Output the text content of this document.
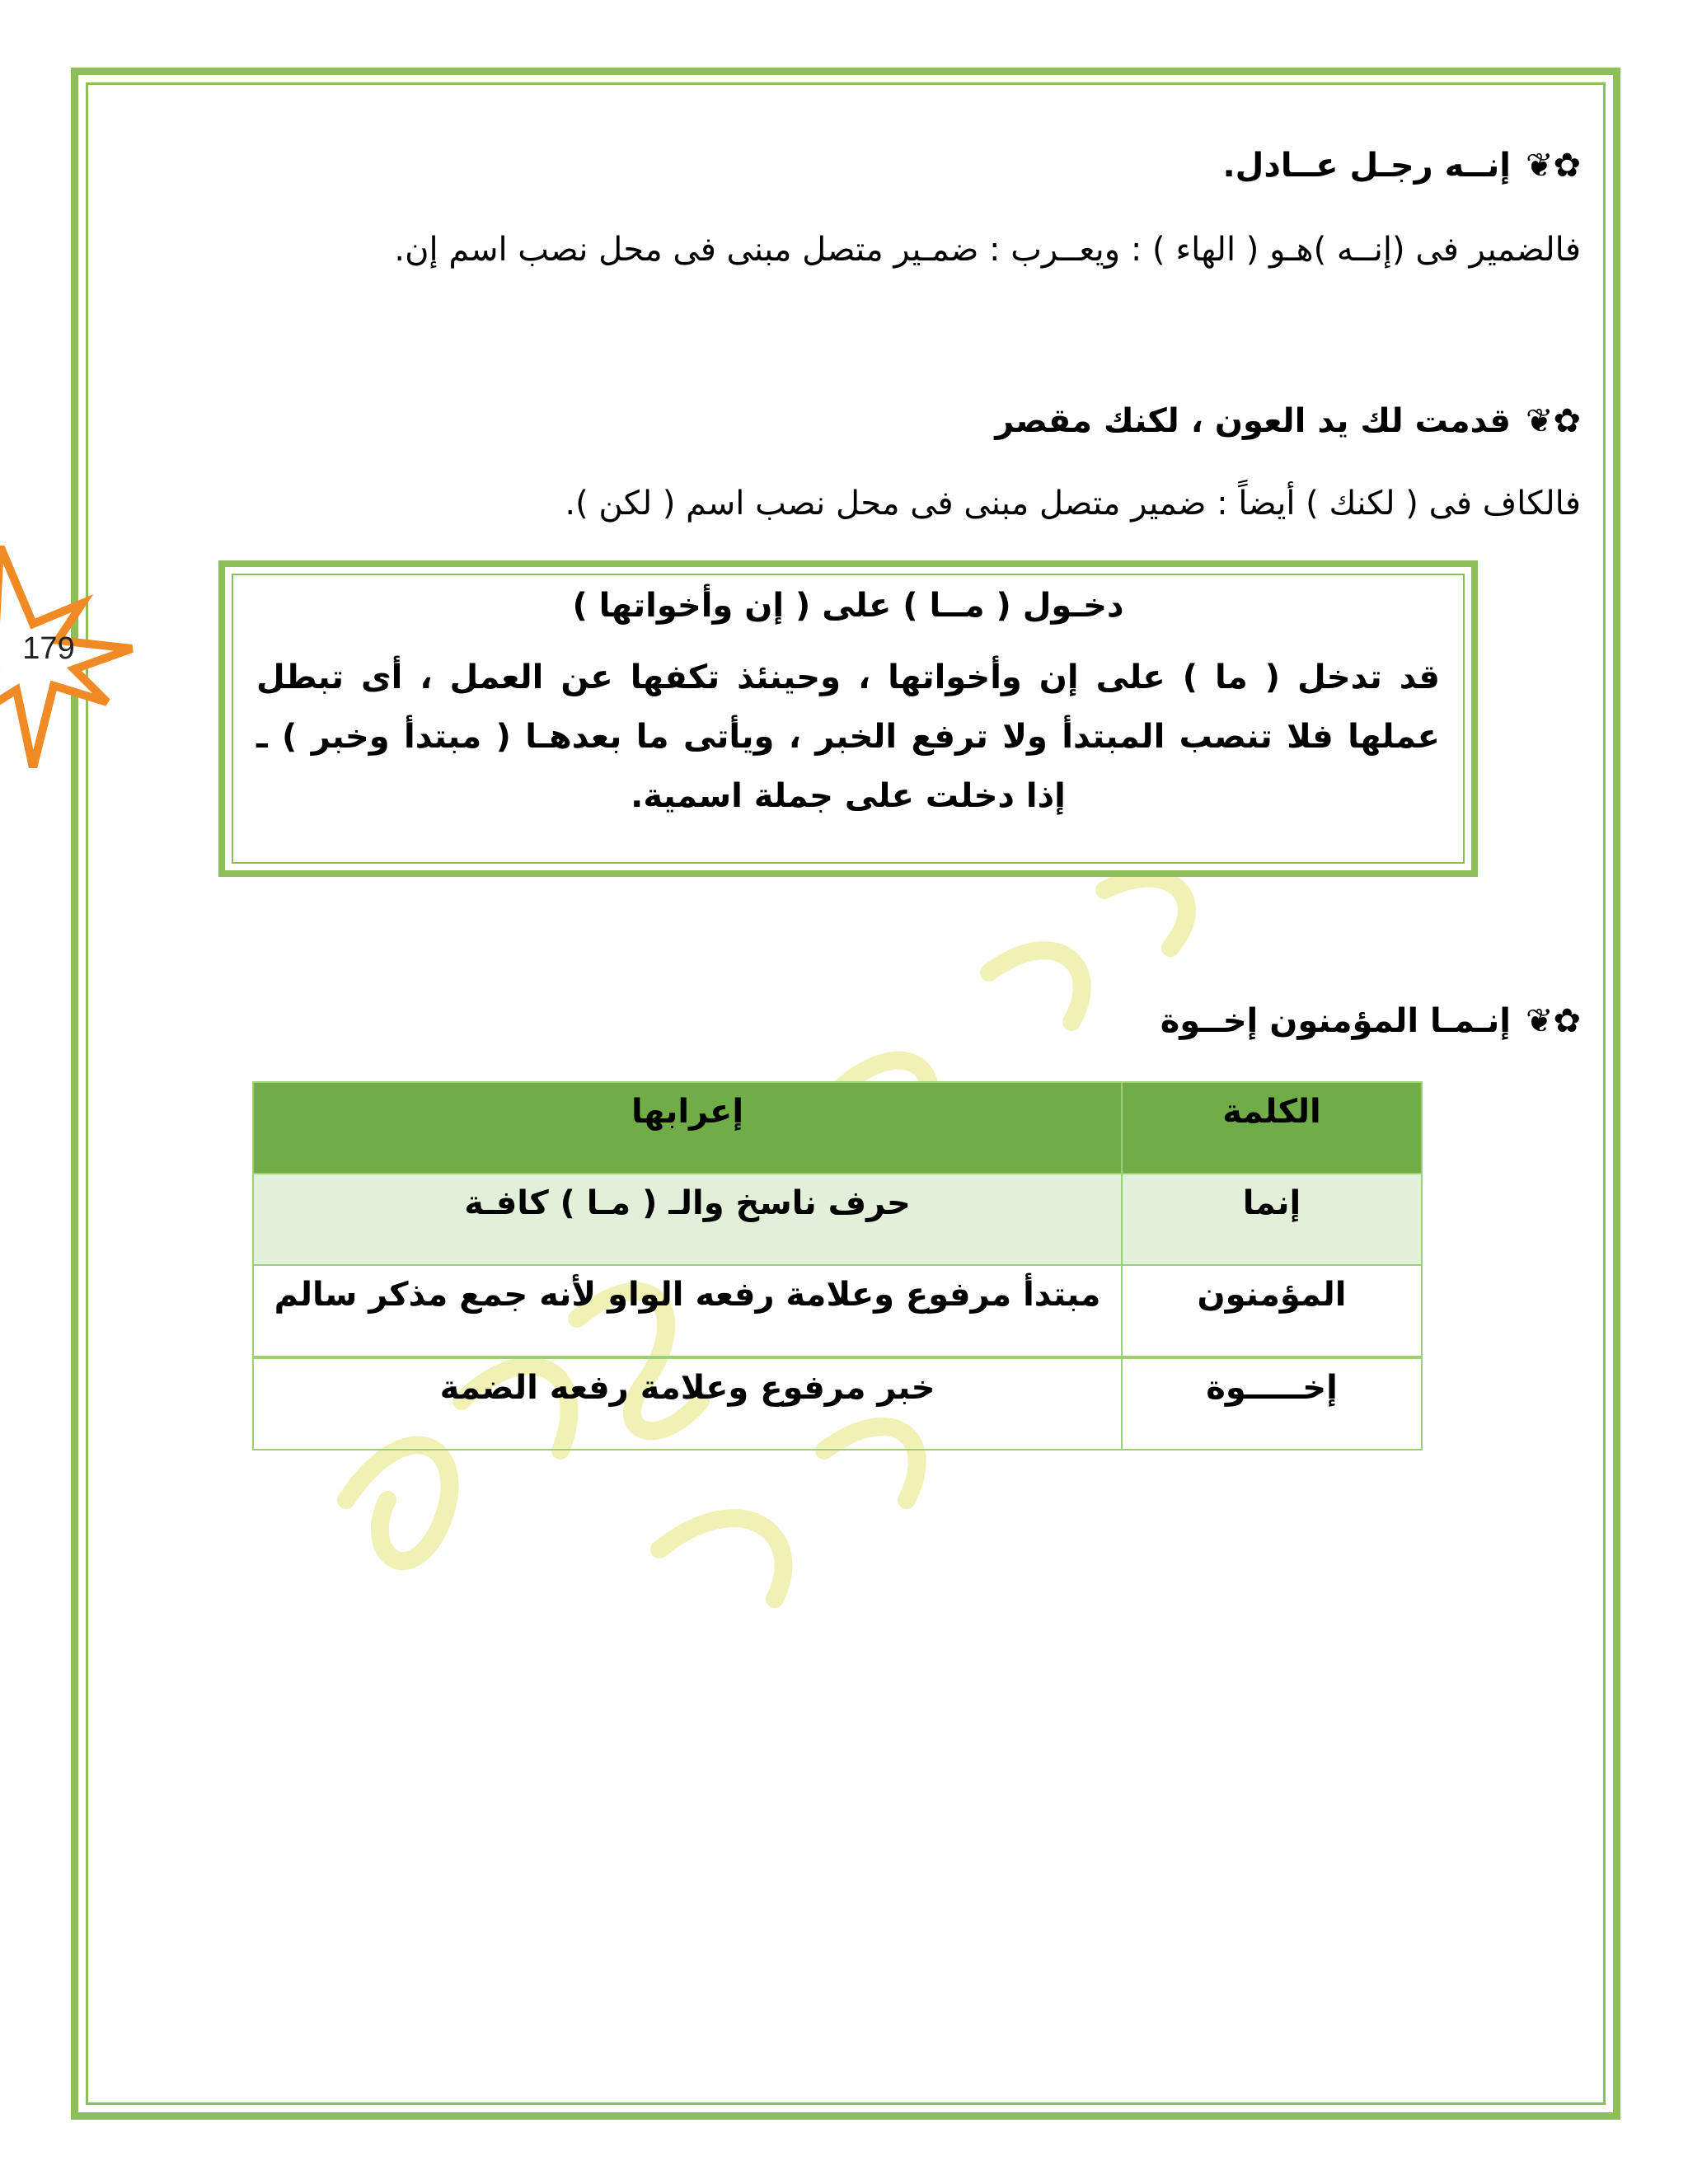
179
✿❦إنــه رجـل عــادل.
فالضمير فى (إنــه )هـو ( الهاء ) : ويعــرب : ضمـير متصل مبنى فى محل نصب اسم إن.
✿❦قدمت لك يد العون ، لكنك مقصر
فالكاف فى ( لكنك ) أيضاً : ضمير متصل مبنى فى محل نصب اسم ( لكن ).
دخـول ( مــا ) على ( إن وأخواتها )
قد تدخل ( ما ) على إن وأخواتها ، وحينئذ تكفها عن العمل ، أى تبطل عملها فلا تنصب المبتدأ ولا ترفع الخبر ، ويأتى ما بعدهـا ( مبتدأ وخبر ) ـ إذا دخلت على جملة اسمية.
✿❦إنـمـا المؤمنون إخــوة
الكلمة	إعرابها
إنما	حرف ناسخ والـ ( مـا ) كافـة
المؤمنون	مبتدأ مرفوع وعلامة رفعه الواو لأنه جمع مذكر سالم
إخـــــوة	خبر مرفوع وعلامة رفعه الضمة
